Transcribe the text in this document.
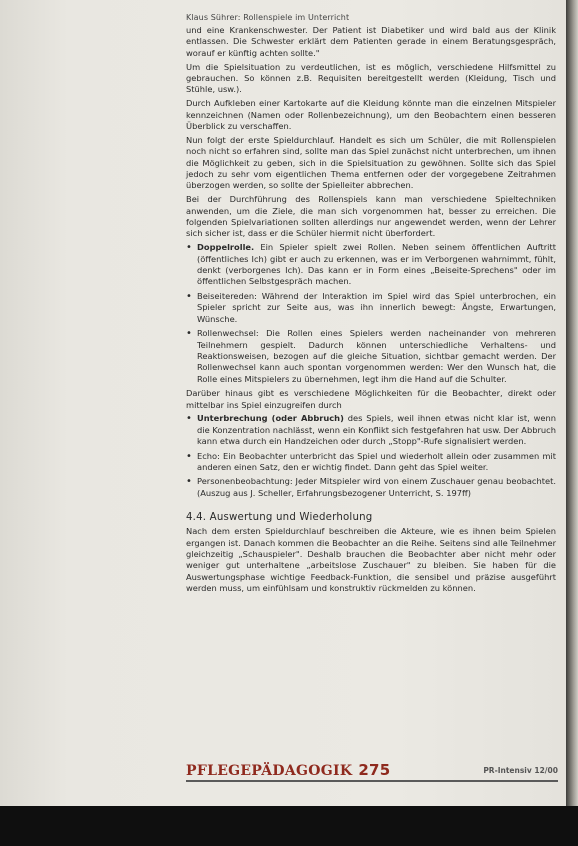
Klaus Sührer: Rollenspiele im Unterricht

und eine Krankenschwester. Der Patient ist Diabetiker und wird bald aus der Klinik entlassen. Die Schwester erklärt dem Patienten gerade in einem Beratungsgespräch, worauf er künftig achten sollte."

Um die Spielsituation zu verdeutlichen, ist es möglich, verschiedene Hilfsmittel zu gebrauchen. So können z.B. Requisiten bereitgestellt werden (Kleidung, Tisch und Stühle, usw.).

Durch Aufkleben einer Kartokarte auf die Kleidung könnte man die einzelnen Mitspieler kennzeichnen (Namen oder Rollenbezeichnung), um den Beobachtern einen besseren Überblick zu verschaffen.

Nun folgt der erste Spieldurchlauf. Handelt es sich um Schüler, die mit Rollenspielen noch nicht so erfahren sind, sollte man das Spiel zunächst nicht unterbrechen, um ihnen die Möglichkeit zu geben, sich in die Spielsituation zu gewöhnen. Sollte sich das Spiel jedoch zu sehr vom eigentlichen Thema entfernen oder der vorgegebene Zeitrahmen überzogen werden, so sollte der Spielleiter abbrechen.

Bei der Durchführung des Rollenspiels kann man verschiedene Spieltechniken anwenden, um die Ziele, die man sich vorgenommen hat, besser zu erreichen. Die folgenden Spielvariationen sollten allerdings nur angewendet werden, wenn der Lehrer sich sicher ist, dass er die Schüler hiermit nicht überfordert.

• Doppelrolle. Ein Spieler spielt zwei Rollen. Neben seinem öffentlichen Auftritt (öffentliches Ich) gibt er auch zu erkennen, was er im Verborgenen wahrnimmt, fühlt, denkt (verborgenes Ich). Das kann er in Form eines „Beiseite-Sprechens" oder im öffentlichen Selbstgespräch machen.
• Beiseitereden: Während der Interaktion im Spiel wird das Spiel unterbrochen, ein Spieler spricht zur Seite aus, was ihn innerlich bewegt: Ängste, Erwartungen, Wünsche.
• Rollenwechsel: Die Rollen eines Spielers werden nacheinander von mehreren Teilnehmern gespielt. Dadurch können unterschiedliche Verhaltens- und Reaktionsweisen, bezogen auf die gleiche Situation, sichtbar gemacht werden. Der Rollenwechsel kann auch spontan vorgenommen werden: Wer den Wunsch hat, die Rolle eines Mitspielers zu übernehmen, legt ihm die Hand auf die Schulter.

Darüber hinaus gibt es verschiedene Möglichkeiten für die Beobachter, direkt oder mittelbar ins Spiel einzugreifen durch

• Unterbrechung (oder Abbruch) des Spiels, weil ihnen etwas nicht klar ist, wenn die Konzentration nachlässt, wenn ein Konflikt sich festgefahren hat usw. Der Abbruch kann etwa durch ein Handzeichen oder durch „Stopp"-Rufe signalisiert werden.
• Echo: Ein Beobachter unterbricht das Spiel und wiederholt allein oder zusammen mit anderen einen Satz, den er wichtig findet. Dann geht das Spiel weiter.
• Personenbeobachtung: Jeder Mitspieler wird von einem Zuschauer genau beobachtet. (Auszug aus J. Scheller, Erfahrungsbezogener Unterricht, S. 197ff)
4.4. Auswertung und Wiederholung

Nach dem ersten Spieldurchlauf beschreiben die Akteure, wie es ihnen beim Spielen ergangen ist. Danach kommen die Beobachter an die Reihe. Seitens sind alle Teilnehmer gleichzeitig „Schauspieler". Deshalb brauchen die Beobachter aber nicht mehr oder weniger gut unterhaltene „arbeitslose Zuschauer" zu bleiben. Sie haben für die Auswertungsphase wichtige Feedback-Funktion, die sensibel und präzise ausgeführt werden muss, um einfühlsam und konstruktiv rückmelden zu können.

PFLEGEPÄDAGOGIK 275	PR-Intensiv 12/00
